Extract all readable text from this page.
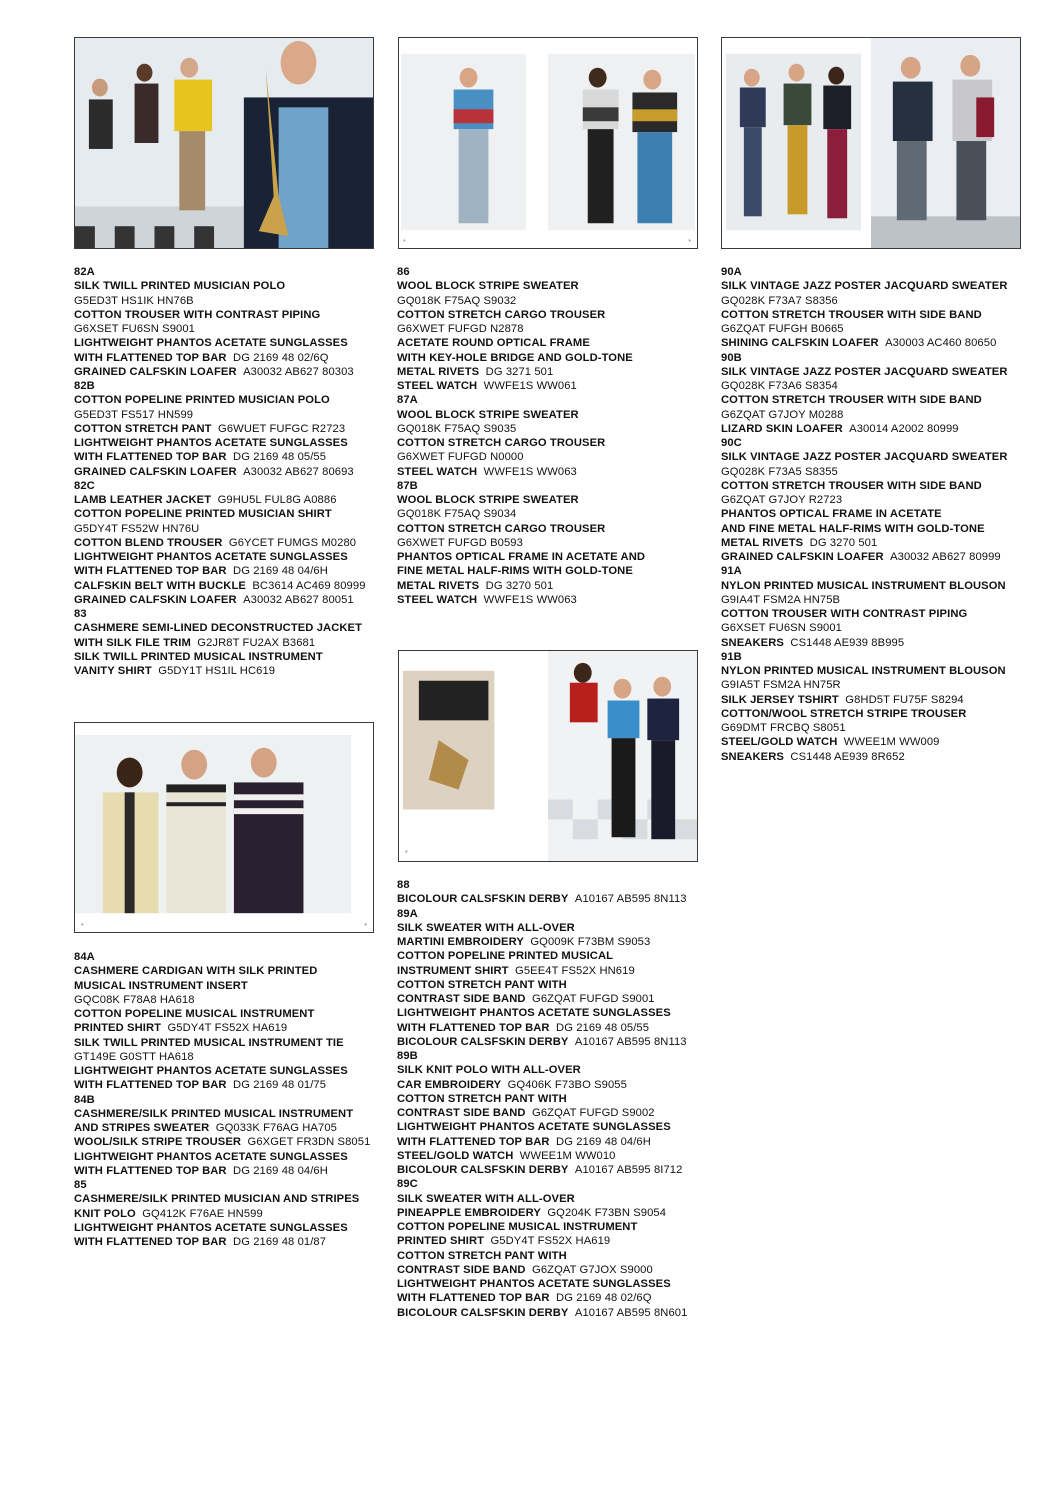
*	*
*	*
*
82A
SILK TWILL PRINTED MUSICIAN POLO
G5ED3T HS1IK HN76B
COTTON TROUSER WITH CONTRAST PIPING
G6XSET FU6SN S9001
LIGHTWEIGHT PHANTOS ACETATE SUNGLASSES
WITH FLATTENED TOP BAR DG 2169 48 02/6Q
GRAINED CALFSKIN LOAFER A30032 AB627 80303
82B
COTTON POPELINE PRINTED MUSICIAN POLO
G5ED3T FS517 HN599
COTTON STRETCH PANT G6WUET FUFGC R2723
LIGHTWEIGHT PHANTOS ACETATE SUNGLASSES
WITH FLATTENED TOP BAR DG 2169 48 05/55
GRAINED CALFSKIN LOAFER A30032 AB627 80693
82C
LAMB LEATHER JACKET G9HU5L FUL8G A0886
COTTON POPELINE PRINTED MUSICIAN SHIRT
G5DY4T FS52W HN76U
COTTON BLEND TROUSER G6YCET FUMGS M0280
LIGHTWEIGHT PHANTOS ACETATE SUNGLASSES
WITH FLATTENED TOP BAR DG 2169 48 04/6H
CALFSKIN BELT WITH BUCKLE BC3614 AC469 80999
GRAINED CALFSKIN LOAFER A30032 AB627 80051
83
CASHMERE SEMI-LINED DECONSTRUCTED JACKET
WITH SILK FILE TRIM G2JR8T FU2AX B3681
SILK TWILL PRINTED MUSICAL INSTRUMENT
VANITY SHIRT G5DY1T HS1IL HC619
84A
CASHMERE CARDIGAN WITH SILK PRINTED
MUSICAL INSTRUMENT INSERT
GQC08K F78A8 HA618
COTTON POPELINE MUSICAL INSTRUMENT
PRINTED SHIRT G5DY4T FS52X HA619
SILK TWILL PRINTED MUSICAL INSTRUMENT TIE
GT149E G0STT HA618
LIGHTWEIGHT PHANTOS ACETATE SUNGLASSES
WITH FLATTENED TOP BAR DG 2169 48 01/75
84B
CASHMERE/SILK PRINTED MUSICAL INSTRUMENT
AND STRIPES SWEATER GQ033K F76AG HA705
WOOL/SILK STRIPE TROUSER G6XGET FR3DN S8051
LIGHTWEIGHT PHANTOS ACETATE SUNGLASSES
WITH FLATTENED TOP BAR DG 2169 48 04/6H
85
CASHMERE/SILK PRINTED MUSICIAN AND STRIPES
KNIT POLO GQ412K F76AE HN599
LIGHTWEIGHT PHANTOS ACETATE SUNGLASSES
WITH FLATTENED TOP BAR DG 2169 48 01/87
86
WOOL BLOCK STRIPE SWEATER
GQ018K F75AQ S9032
COTTON STRETCH CARGO TROUSER
G6XWET FUFGD N2878
ACETATE ROUND OPTICAL FRAME
WITH KEY-HOLE BRIDGE AND GOLD-TONE
METAL RIVETS DG 3271 501
STEEL WATCH WWFE1S WW061
87A
WOOL BLOCK STRIPE SWEATER
GQ018K F75AQ S9035
COTTON STRETCH CARGO TROUSER
G6XWET FUFGD N0000
STEEL WATCH WWFE1S WW063
87B
WOOL BLOCK STRIPE SWEATER
GQ018K F75AQ S9034
COTTON STRETCH CARGO TROUSER
G6XWET FUFGD B0593
PHANTOS OPTICAL FRAME IN ACETATE AND
FINE METAL HALF-RIMS WITH GOLD-TONE
METAL RIVETS DG 3270 501
STEEL WATCH WWFE1S WW063
88
BICOLOUR CALSFSKIN DERBY A10167 AB595 8N113
89A
SILK SWEATER WITH ALL-OVER
MARTINI EMBROIDERY GQ009K F73BM S9053
COTTON POPELINE PRINTED MUSICAL
INSTRUMENT SHIRT G5EE4T FS52X HN619
COTTON STRETCH PANT WITH
CONTRAST SIDE BAND G6ZQAT FUFGD S9001
LIGHTWEIGHT PHANTOS ACETATE SUNGLASSES
WITH FLATTENED TOP BAR DG 2169 48 05/55
BICOLOUR CALSFSKIN DERBY A10167 AB595 8N113
89B
SILK KNIT POLO WITH ALL-OVER
CAR EMBROIDERY GQ406K F73BO S9055
COTTON STRETCH PANT WITH
CONTRAST SIDE BAND G6ZQAT FUFGD S9002
LIGHTWEIGHT PHANTOS ACETATE SUNGLASSES
WITH FLATTENED TOP BAR DG 2169 48 04/6H
STEEL/GOLD WATCH WWEE1M WW010
BICOLOUR CALSFSKIN DERBY A10167 AB595 8I712
89C
SILK SWEATER WITH ALL-OVER
PINEAPPLE EMBROIDERY GQ204K F73BN S9054
COTTON POPELINE MUSICAL INSTRUMENT
PRINTED SHIRT G5DY4T FS52X HA619
COTTON STRETCH PANT WITH
CONTRAST SIDE BAND G6ZQAT G7JOX S9000
LIGHTWEIGHT PHANTOS ACETATE SUNGLASSES
WITH FLATTENED TOP BAR DG 2169 48 02/6Q
BICOLOUR CALSFSKIN DERBY A10167 AB595 8N601
90A
SILK VINTAGE JAZZ POSTER JACQUARD SWEATER
GQ028K F73A7 S8356
COTTON STRETCH TROUSER WITH SIDE BAND
G6ZQAT FUFGH B0665
SHINING CALFSKIN LOAFER A30003 AC460 80650
90B
SILK VINTAGE JAZZ POSTER JACQUARD SWEATER
GQ028K F73A6 S8354
COTTON STRETCH TROUSER WITH SIDE BAND
G6ZQAT G7JOY M0288
LIZARD SKIN LOAFER A30014 A2002 80999
90C
SILK VINTAGE JAZZ POSTER JACQUARD SWEATER
GQ028K F73A5 S8355
COTTON STRETCH TROUSER WITH SIDE BAND
G6ZQAT G7JOY R2723
PHANTOS OPTICAL FRAME IN ACETATE
AND FINE METAL HALF-RIMS WITH GOLD-TONE
METAL RIVETS DG 3270 501
GRAINED CALFSKIN LOAFER A30032 AB627 80999
91A
NYLON PRINTED MUSICAL INSTRUMENT BLOUSON
G9IA4T FSM2A HN75B
COTTON TROUSER WITH CONTRAST PIPING
G6XSET FU6SN S9001
SNEAKERS CS1448 AE939 8B995
91B
NYLON PRINTED MUSICAL INSTRUMENT BLOUSON
G9IA5T FSM2A HN75R
SILK JERSEY TSHIRT G8HD5T FU75F S8294
COTTON/WOOL STRETCH STRIPE TROUSER
G69DMT FRCBQ S8051
STEEL/GOLD WATCH WWEE1M WW009
SNEAKERS CS1448 AE939 8R652
